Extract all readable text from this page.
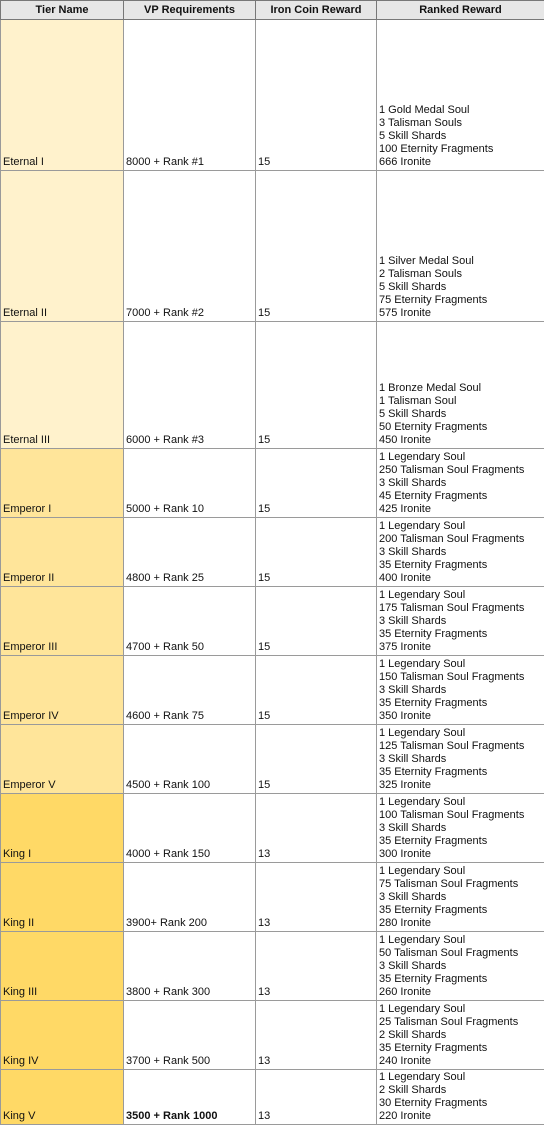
Tier Name	VP Requirements	Iron Coin Reward	Ranked Reward
Eternal I	8000 + Rank #1	15	1 Gold Medal Soul
3 Talisman Souls
5 Skill Shards
100 Eternity Fragments
666 Ironite

Eternal II	7000 + Rank #2	15	1 Silver Medal Soul
2 Talisman Souls
5 Skill Shards
75 Eternity Fragments
575 Ironite

Eternal III	6000 + Rank #3	15	1 Bronze Medal Soul
1 Talisman Soul
5 Skill Shards
50 Eternity Fragments
450 Ironite

Emperor I	5000 + Rank 10	15	1 Legendary Soul
250 Talisman Soul Fragments
3 Skill Shards
45 Eternity Fragments
425 Ironite

Emperor II	4800 + Rank 25	15	1 Legendary Soul
200 Talisman Soul Fragments
3 Skill Shards
35 Eternity Fragments
400 Ironite

Emperor III	4700 + Rank 50	15	1 Legendary Soul
175 Talisman Soul Fragments
3 Skill Shards
35 Eternity Fragments
375 Ironite

Emperor IV	4600 + Rank 75	15	1 Legendary Soul
150 Talisman Soul Fragments
3 Skill Shards
35 Eternity Fragments
350 Ironite

Emperor V	4500 + Rank 100	15	1 Legendary Soul
125 Talisman Soul Fragments
3 Skill Shards
35 Eternity Fragments
325 Ironite

King I	4000 + Rank 150	13	1 Legendary Soul
100 Talisman Soul Fragments
3 Skill Shards
35 Eternity Fragments
300 Ironite

King II	3900+ Rank 200	13	1 Legendary Soul
75 Talisman Soul Fragments
3 Skill Shards
35 Eternity Fragments
280 Ironite

King III	3800 + Rank 300	13	1 Legendary Soul
50 Talisman Soul Fragments
3 Skill Shards
35 Eternity Fragments
260 Ironite

King IV	3700 + Rank 500	13	1 Legendary Soul
25 Talisman Soul Fragments
2 Skill Shards
35 Eternity Fragments
240 Ironite

King V	3500 + Rank 1000	13	1 Legendary Soul
2 Skill Shards
30 Eternity Fragments
220 Ironite
